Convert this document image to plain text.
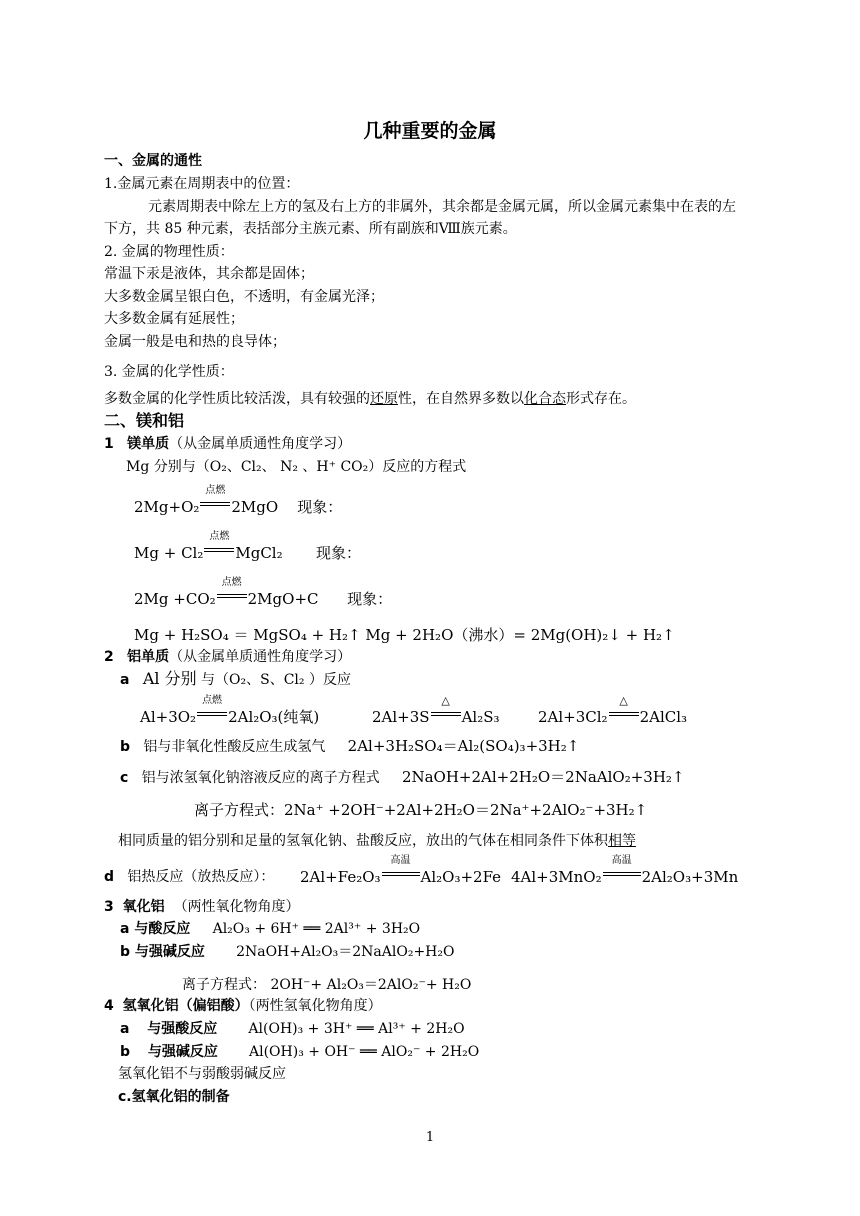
几种重要的金属
一、金属的通性
1.金属元素在周期表中的位置：
元素周期表中除左上方的氢及右上方的非属外，其余都是金属元属，所以金属元素集中在表的左
下方，共 85 种元素，表括部分主族元素、所有副族和Ⅷ族元素。
2. 金属的物理性质：
常温下汞是液体，其余都是固体；
大多数金属呈银白色，不透明，有金属光泽；
大多数金属有延展性；
金属一般是电和热的良导体；
3. 金属的化学性质：
多数金属的化学性质比较活泼，具有较强的还原性，在自然界多数以化合态形式存在。
二、镁和铝
1 镁单质（从金属单质通性角度学习）
Mg 分别与（O₂、Cl₂、 N₂ 、H⁺ CO₂）反应的方程式
2Mg+O₂
点燃
2MgO 现象：
Mg + Cl₂
点燃
MgCl₂ 现象：
2Mg +CO₂
点燃
2MgO+C 现象：
Mg + H₂SO₄ ＝ MgSO₄ + H₂↑ Mg + 2H₂O（沸水）= 2Mg(OH)₂↓ + H₂↑
2 铝单质（从金属单质通性角度学习）
a Al 分别 与（O₂、S、Cl₂ ）反应
Al+3O₂
点燃
2Al₂O₃(纯氧)	2Al+3S
△
Al₂S₃	2Al+3Cl₂
△
2AlCl₃
b 铝与非氧化性酸反应生成氢气 2Al+3H₂SO₄＝Al₂(SO₄)₃+3H₂↑
c 铝与浓氢氧化钠溶液反应的离子方程式 2NaOH+2Al+2H₂O＝2NaAlO₂+3H₂↑
离子方程式：2Na⁺ +2OH⁻+2Al+2H₂O＝2Na⁺+2AlO₂⁻+3H₂↑
相同质量的铝分别和足量的氢氧化钠、盐酸反应，放出的气体在相同条件下体积相等
d 铝热反应（放热反应）： 2Al+Fe₂O₃
高温
Al₂O₃+2Fe 4Al+3MnO₂
高温
2Al₂O₃+3Mn
3 氧化铝 （两性氧化物角度）
a 与酸反应 Al₂O₃ + 6H⁺ ══ 2Al³⁺ + 3H₂O
b 与强碱反应 2NaOH+Al₂O₃＝2NaAlO₂+H₂O
离子方程式： 2OH⁻+ Al₂O₃＝2AlO₂⁻+ H₂O
4 氢氧化铝（偏铝酸）（两性氢氧化物角度）
a 与强酸反应 Al(OH)₃ + 3H⁺ ══ Al³⁺ + 2H₂O
b 与强碱反应 Al(OH)₃ + OH⁻ ══ AlO₂⁻ + 2H₂O
氢氧化铝不与弱酸弱碱反应
c.氢氧化铝的制备
1
